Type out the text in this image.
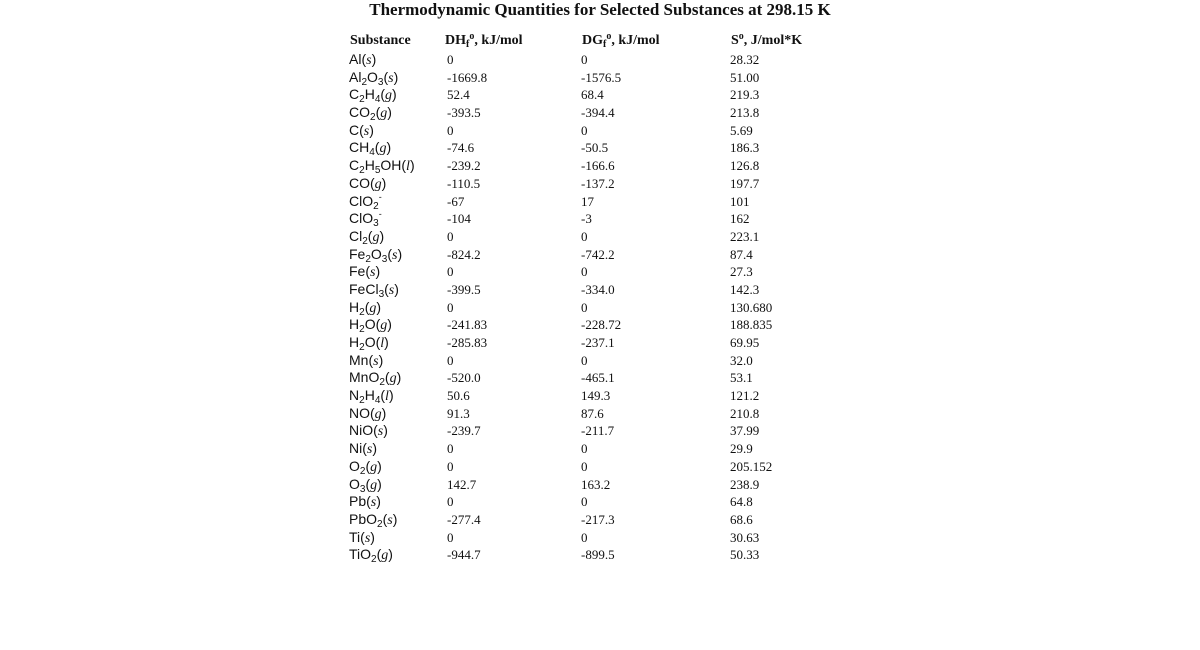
Thermodynamic Quantities for Selected Substances at 298.15 K
Substance $DH_f^o$, kJ/mol	$DG_f^o$, kJ/mol	$S^o$, J/mol*K
Al(s)	0	0	28.32
$Al_2O_3(s)$	-1669.8	-1576.5	51.00
$C_2H_4(g)$	52.4	68.4	219.3
$CO_2(g)$	-393.5	-394.4	213.8
C(s)	0	0	5.69
$CH_4(g)$	-74.6	-50.5	186.3
$C_2H_5OH(l)$ -239.2	-166.6	126.8
CO(g)	-110.5	-137.2	197.7
ClO$_2$-	-67	17	101
ClO$_3$-	-104	-3	162
$Cl_2(g)$	0	0	223.1
$Fe_2O_3(s)$	-824.2	-742.2	87.4
Fe(s)	0	0	27.3
FeCl$_3$(s)	-399.5	-334.0	142.3
$H_2(g)$	0	0	130.680
$H_2O(g)$	-241.83	-228.72	188.835
$H_2O(l)$	-285.83	-237.1	69.95
Mn(s)	0	0	32.0
MnO$_2$(g)	-520.0	-465.1	53.1
$N_2H_4(l)$	50.6	149.3	121.2
NO(g)	91.3	87.6	210.8
NiO(s)	-239.7	-211.7	37.99
Ni(s)	0	0	29.9
$O_2(g)$	0	0	205.152
$O_3(g)$	142.7	163.2	238.9
Pb(s)	0	0	64.8
PbO$_2$(s)	-277.4	-217.3	68.6
Ti(s)	0	0	30.63
TiO$_2$(g)	-944.7	-899.5	50.33
